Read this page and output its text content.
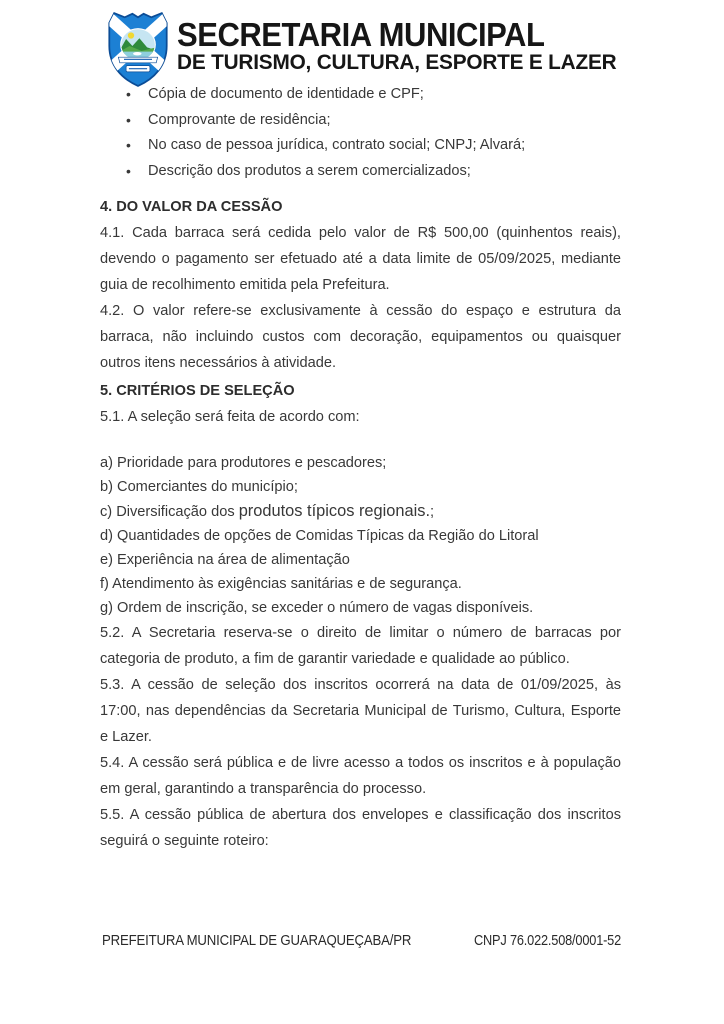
SECRETARIA MUNICIPAL
DE TURISMO, CULTURA, ESPORTE E LAZER
• Cópia de documento de identidade e CPF;
• Comprovante de residência;
• No caso de pessoa jurídica, contrato social; CNPJ; Alvará;
• Descrição dos produtos a serem comercializados;

4. DO VALOR DA CESSÃO

4.1. Cada barraca será cedida pelo valor de R$ 500,00 (quinhentos reais), devendo o pagamento ser efetuado até a data limite de 05/09/2025, mediante guia de recolhimento emitida pela Prefeitura.

4.2. O valor refere-se exclusivamente à cessão do espaço e estrutura da barraca, não incluindo custos com decoração, equipamentos ou quaisquer outros itens necessários à atividade.

5. CRITÉRIOS DE SELEÇÃO

5.1. A seleção será feita de acordo com:

a) Prioridade para produtores e pescadores;
b) Comerciantes do município;
c) Diversificação dos produtos típicos regionais.;
d) Quantidades de opções de Comidas Típicas da Região do Litoral
e) Experiência na área de alimentação
f) Atendimento às exigências sanitárias e de segurança.
g) Ordem de inscrição, se exceder o número de vagas disponíveis.

5.2. A Secretaria reserva-se o direito de limitar o número de barracas por categoria de produto, a fim de garantir variedade e qualidade ao público.

5.3. A cessão de seleção dos inscritos ocorrerá na data de 01/09/2025, às 17:00, nas dependências da Secretaria Municipal de Turismo, Cultura, Esporte e Lazer.

5.4. A cessão será pública e de livre acesso a todos os inscritos e à população em geral, garantindo a transparência do processo.

5.5. A cessão pública de abertura dos envelopes e classificação dos inscritos seguirá o seguinte roteiro:

PREFEITURA MUNICIPAL DE GUARAQUEÇABA/PR	CNPJ 76.022.508/0001-52
